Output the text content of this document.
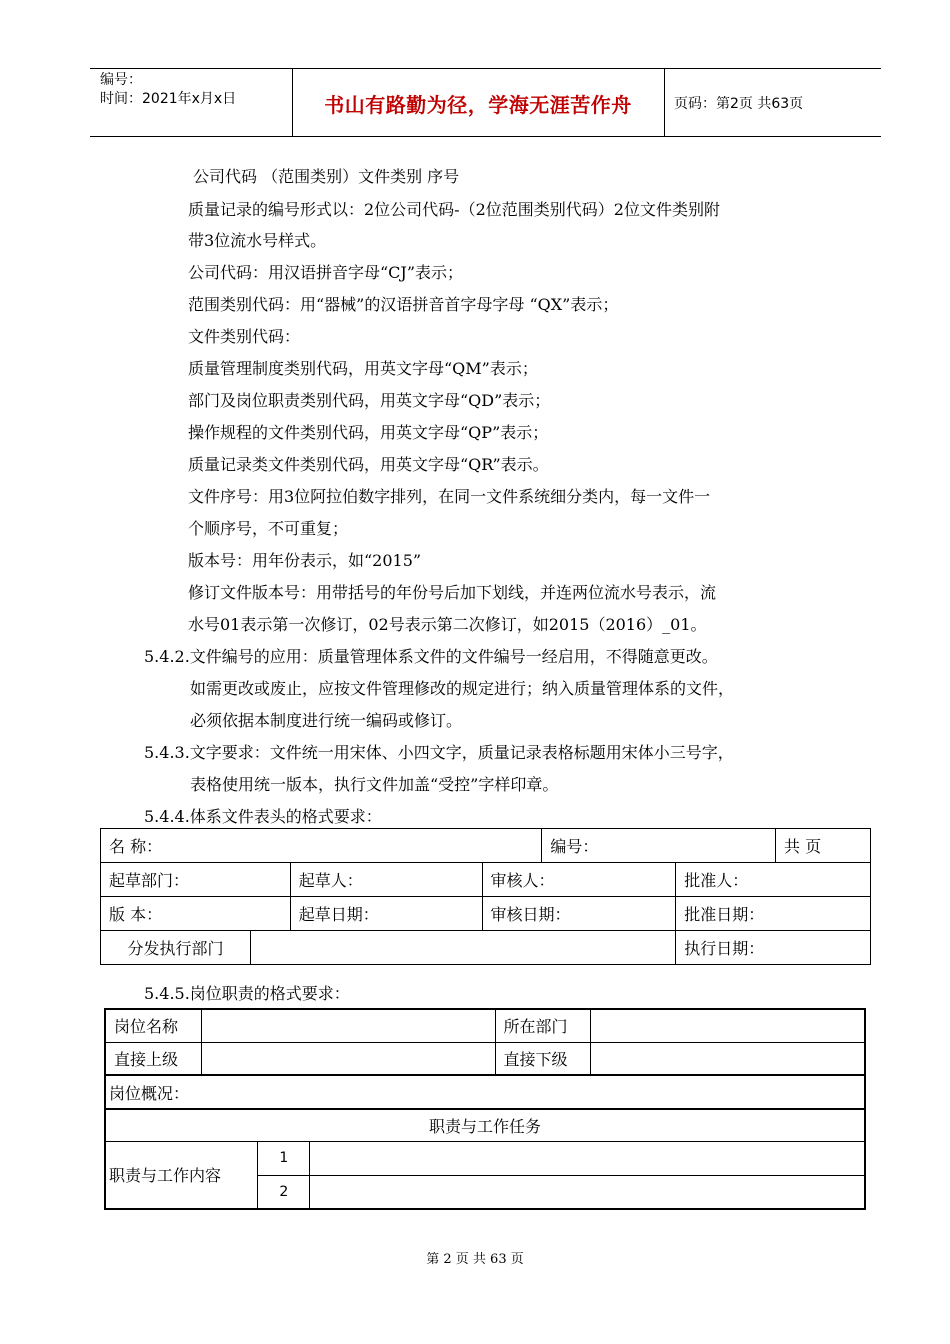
编号：
时间：2021年x月x日	书山有路勤为径，学海无涯苦作舟	页码：第2页 共63页
公司代码 （范围类别）文件类别 序号
质量记录的编号形式以：2位公司代码-（2位范围类别代码）2位文件类别附
带3位流水号样式。
公司代码：用汉语拼音字母“CJ”表示；
范围类别代码：用“器械”的汉语拼音首字母字母 “QX”表示；
文件类别代码：
质量管理制度类别代码，用英文字母“QM”表示；
部门及岗位职责类别代码，用英文字母“QD”表示；
操作规程的文件类别代码，用英文字母“QP”表示；
质量记录类文件类别代码，用英文字母“QR”表示。
文件序号：用3位阿拉伯数字排列，在同一文件系统细分类内，每一文件一
个顺序号，不可重复；
版本号：用年份表示，如“2015”
修订文件版本号：用带括号的年份号后加下划线，并连两位流水号表示，流
水号01表示第一次修订，02号表示第二次修订，如2015（2016）_01。
5.4.2.文件编号的应用：质量管理体系文件的文件编号一经启用，不得随意更改。
如需更改或废止，应按文件管理修改的规定进行；纳入质量管理体系的文件，
必须依据本制度进行统一编码或修订。
5.4.3.文字要求：文件统一用宋体、小四文字，质量记录表格标题用宋体小三号字，
表格使用统一版本，执行文件加盖“受控”字样印章。
5.4.4.体系文件表头的格式要求：
名 称：				编号：		共 页
起草部门：		起草人：	审核人：		批准人：	
版 本：		起草日期：	审核日期：		批准日期：	
分发执行部门					执行日期：	
5.4.5.岗位职责的格式要求：
岗位名称				所在部门	
直接上级				直接下级	
岗位概况：					
职责与工作任务					
职责与工作内容		1			
		2			
第 2 页 共 63 页
